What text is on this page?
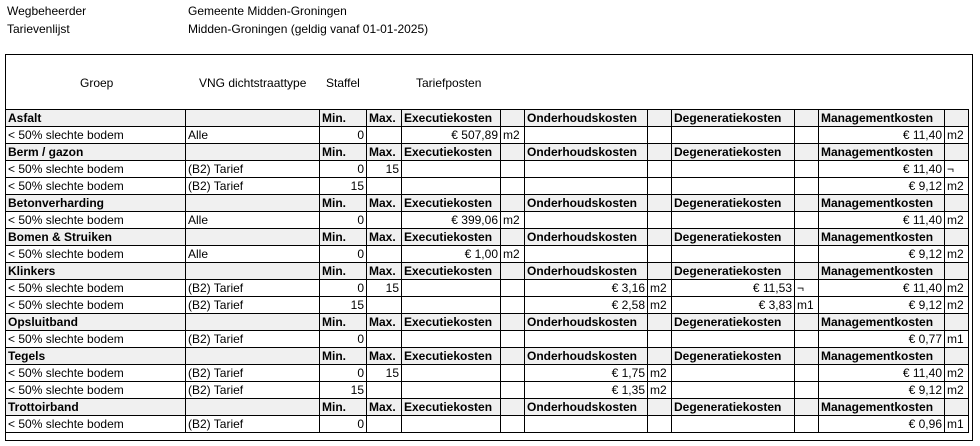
Wegbeheerder	Gemeente Midden-Groningen
Tarievenlijst	Midden-Groningen (geldig vanaf 01-01-2025)
Groep	VNG dichtstraattype Staffel	Tariefposten
Asfalt		Min.	Max.	Executiekosten		Onderhoudskosten		Degeneratiekosten		Managementkosten	
< 50% slechte bodem	Alle	0		€ 507,89	m2					€ 11,40	m2
Berm / gazon		Min.	Max.	Executiekosten		Onderhoudskosten		Degeneratiekosten		Managementkosten	
< 50% slechte bodem	(B2) Tarief	0	15							€ 11,40	¬
< 50% slechte bodem	(B2) Tarief	15								€ 9,12	m2
Betonverharding		Min.	Max.	Executiekosten		Onderhoudskosten		Degeneratiekosten		Managementkosten	
< 50% slechte bodem	Alle	0		€ 399,06	m2					€ 11,40	m2
Bomen & Struiken		Min.	Max.	Executiekosten		Onderhoudskosten		Degeneratiekosten		Managementkosten	
< 50% slechte bodem	Alle	0		€ 1,00	m2					€ 9,12	m2
Klinkers		Min.	Max.	Executiekosten		Onderhoudskosten		Degeneratiekosten		Managementkosten	
< 50% slechte bodem	(B2) Tarief	0	15			€ 3,16	m2	€ 11,53	¬	€ 11,40	m2
< 50% slechte bodem	(B2) Tarief	15				€ 2,58	m2	€ 3,83	m1	€ 9,12	m2
Opsluitband		Min.	Max.	Executiekosten		Onderhoudskosten		Degeneratiekosten		Managementkosten	
< 50% slechte bodem	(B2) Tarief	0								€ 0,77	m1
Tegels		Min.	Max.	Executiekosten		Onderhoudskosten		Degeneratiekosten		Managementkosten	
< 50% slechte bodem	(B2) Tarief	0	15			€ 1,75	m2			€ 11,40	m2
< 50% slechte bodem	(B2) Tarief	15				€ 1,35	m2			€ 9,12	m2
Trottoirband		Min.	Max.	Executiekosten		Onderhoudskosten		Degeneratiekosten		Managementkosten	
< 50% slechte bodem	(B2) Tarief	0								€ 0,96	m1
